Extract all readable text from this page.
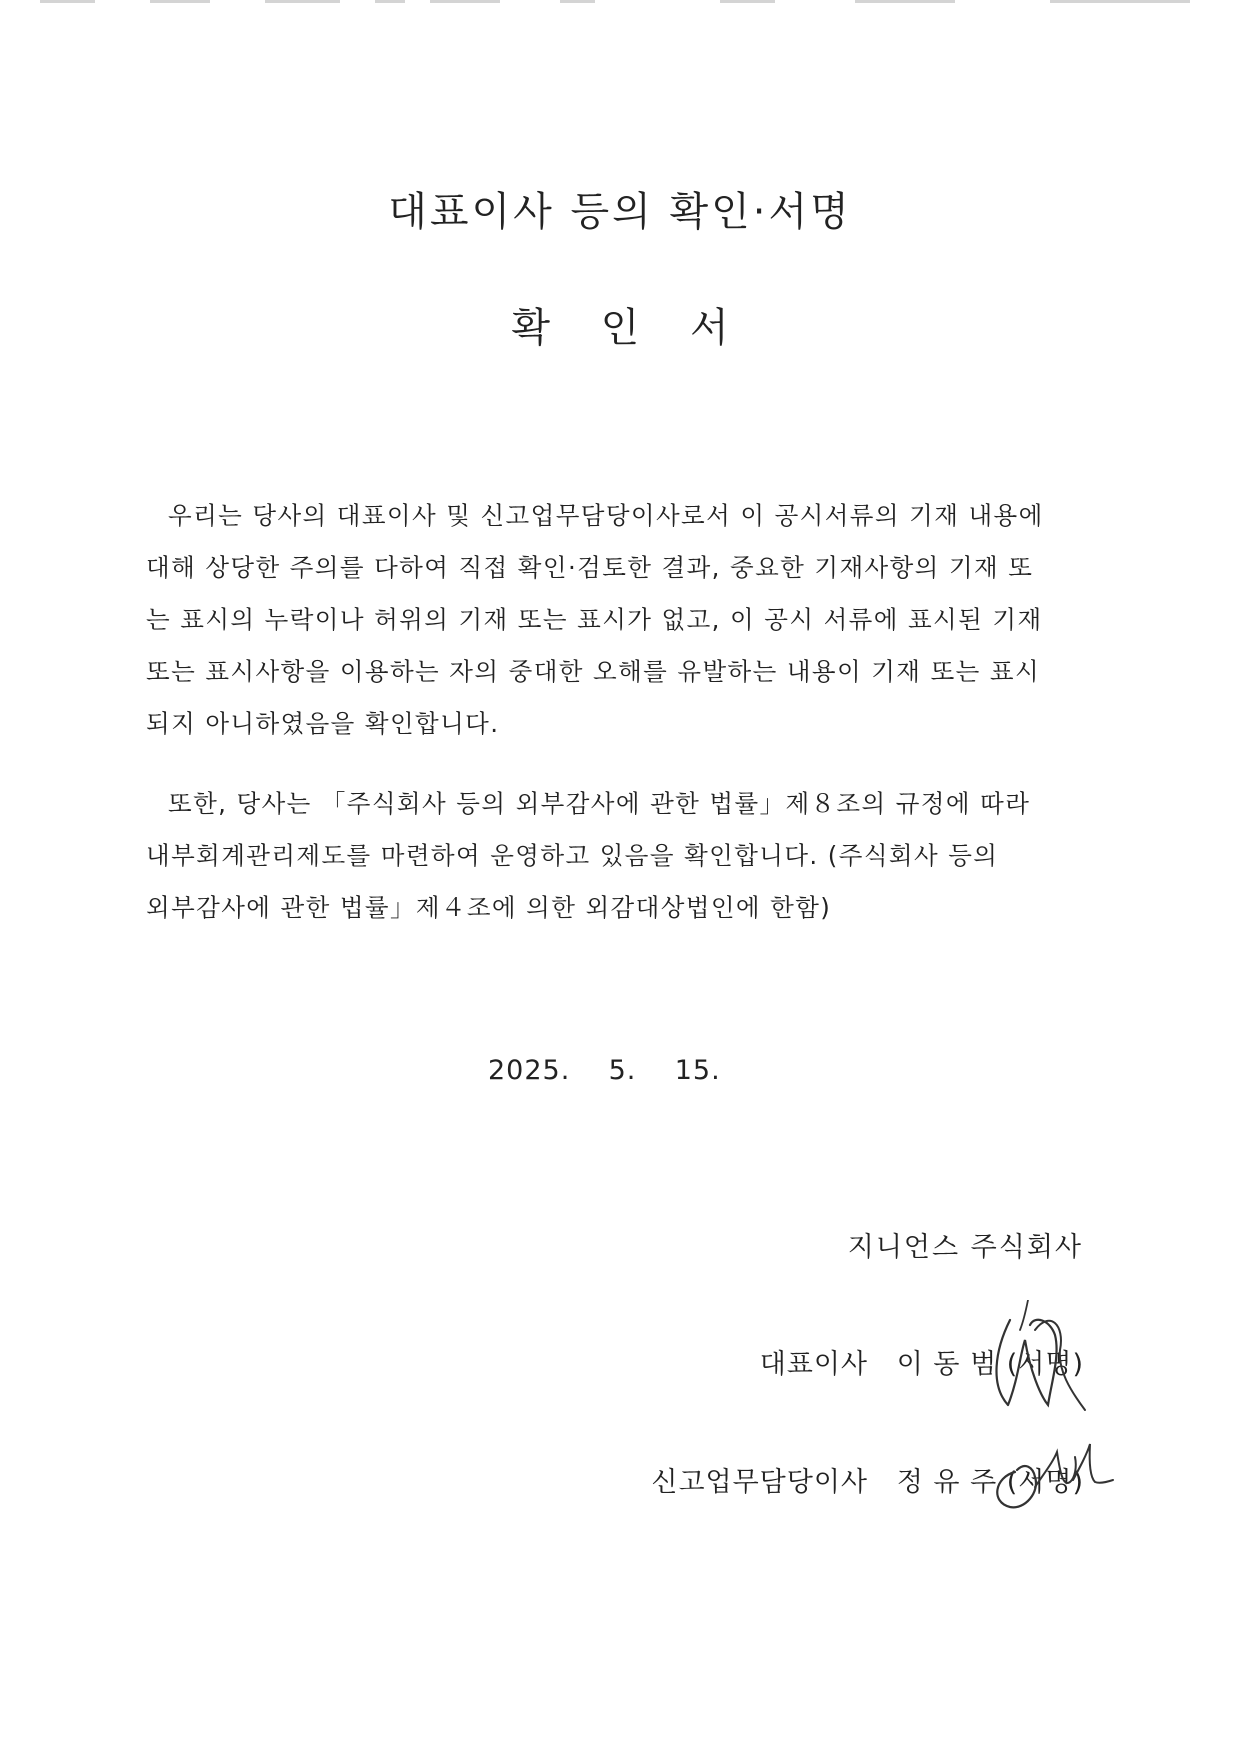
대표이사 등의 확인·서명
확 인 서
우리는 당사의 대표이사 및 신고업무담당이사로서 이 공시서류의 기재 내용에
대해 상당한 주의를 다하여 직접 확인·검토한 결과, 중요한 기재사항의 기재 또
는 표시의 누락이나 허위의 기재 또는 표시가 없고, 이 공시 서류에 표시된 기재
또는 표시사항을 이용하는 자의 중대한 오해를 유발하는 내용이 기재 또는 표시
되지 아니하였음을 확인합니다.
또한, 당사는 「주식회사 등의 외부감사에 관한 법률」제８조의 규정에 따라
내부회계관리제도를 마련하여 운영하고 있음을 확인합니다. (주식회사 등의
외부감사에 관한 법률」제４조에 의한 외감대상법인에 한함)
2025.    5.    15.
지니언스 주식회사
대표이사   이 동 범 (서명)
신고업무담당이사   정 유 주 (서명)
